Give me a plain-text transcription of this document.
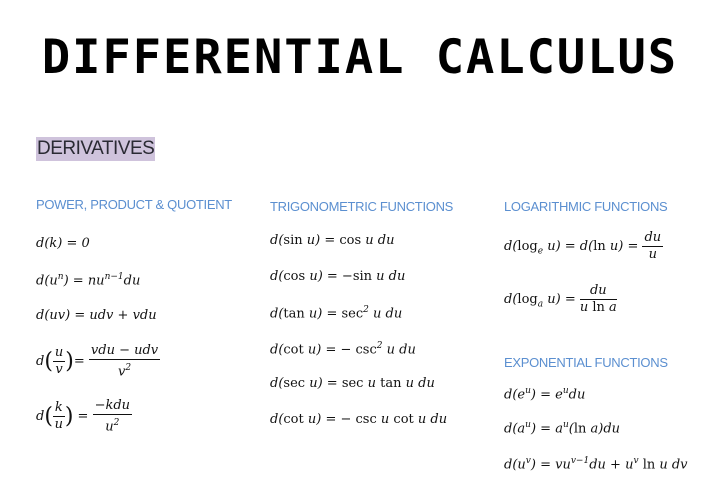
DIFFERENTIAL CALCULUS
DERIVATIVES
POWER, PRODUCT & QUOTIENT
d(k) = 0
$d(u^n) = nu^{n-1}du$
d(uv) = udv + vdu
$d( \frac{u}{v}$ )= $\frac{\text{vdu − udv}}{v^2}$
$d( \frac{k}{u}$ ) = $\frac{\text{−kdu}}{u^2}$
TRIGONOMETRIC FUNCTIONS
d(sin u) = cos u du
d(cos u) = −sin u du
d(tan $u) = \sec^2 u$ du
d(cot u) = − $\csc^2 u$ du
d(sec u) = sec u tan u du
d(cot u) = − csc u cot u du
LOGARITHMIC FUNCTIONS
$d(\log_e$ u) = d(ln $u) = \frac{du}{u}$
$d(\log_a$ $u) = \frac{du}{\text{u ln a}}$
EXPONENTIAL FUNCTIONS
$d(e^u) = e^udu$
$d(a^u) = a^u(\ln$ a)du
$d(u^v) = vu^{v-1}du + u^v$ ln u dv
